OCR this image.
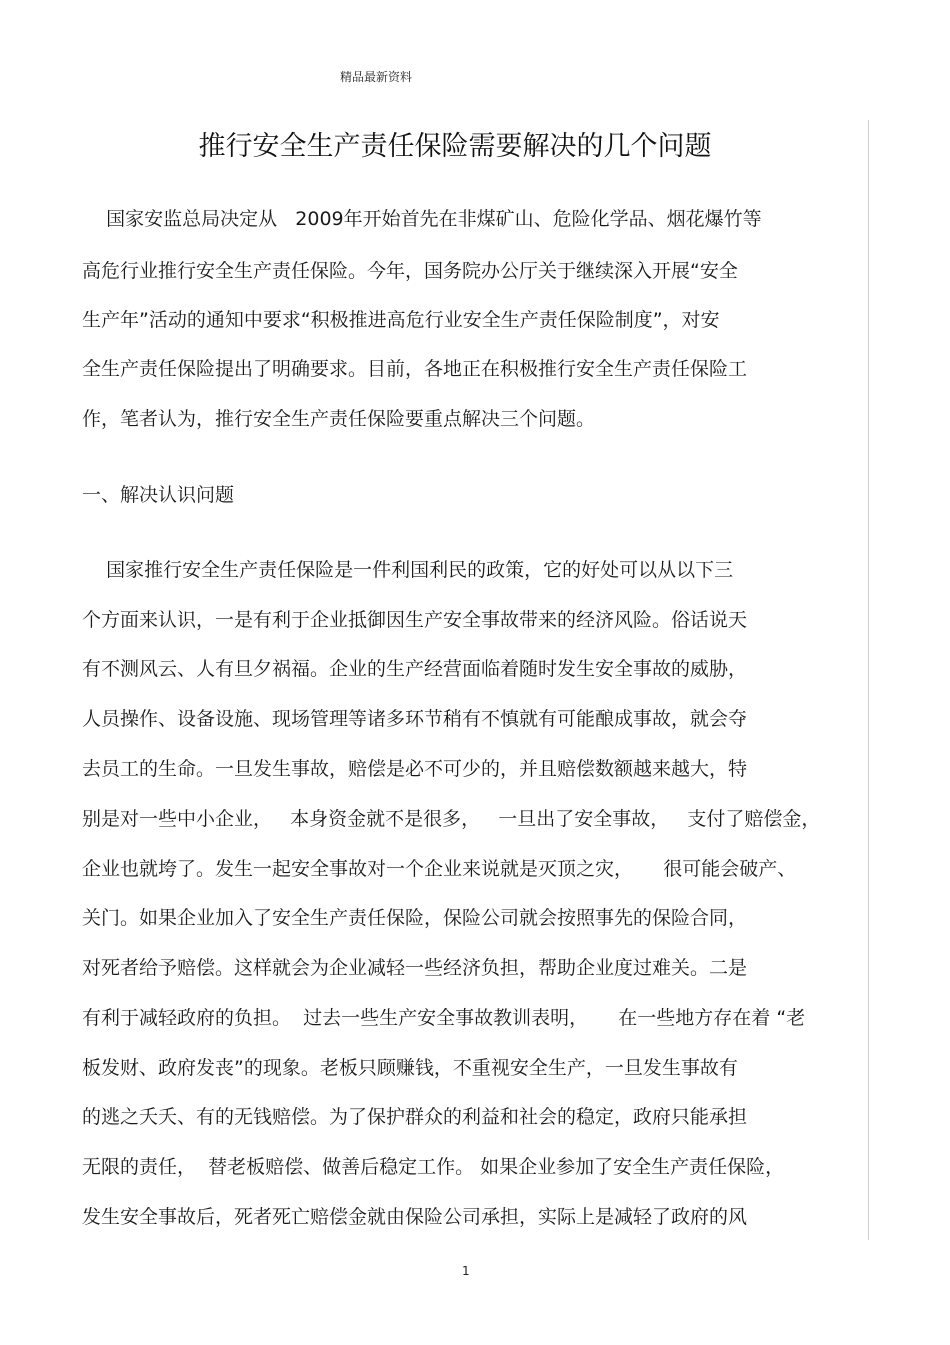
精品最新资料
推行安全生产责任保险需要解决的几个问题
国家安监总局决定从   2009年开始首先在非煤矿山、危险化学品、烟花爆竹等
高危行业推行安全生产责任保险。今年，国务院办公厅关于继续深入开展“安全
生产年”活动的通知中要求“积极推进高危行业安全生产责任保险制度”，对安
全生产责任保险提出了明确要求。目前，各地正在积极推行安全生产责任保险工
作，笔者认为，推行安全生产责任保险要重点解决三个问题。
一、解决认识问题
国家推行安全生产责任保险是一件利国利民的政策，它的好处可以从以下三
个方面来认识，一是有利于企业抵御因生产安全事故带来的经济风险。俗话说天
有不测风云、人有旦夕祸福。企业的生产经营面临着随时发生安全事故的威胁，
人员操作、设备设施、现场管理等诸多环节稍有不慎就有可能酿成事故，就会夺
去员工的生命。一旦发生事故，赔偿是必不可少的，并且赔偿数额越来越大，特
别是对一些中小企业，   本身资金就不是很多，   一旦出了安全事故，   支付了赔偿金，
企业也就垮了。发生一起安全事故对一个企业来说就是灭顶之灾，     很可能会破产、
关门。如果企业加入了安全生产责任保险，保险公司就会按照事先的保险合同，
对死者给予赔偿。这样就会为企业减轻一些经济负担，帮助企业度过难关。二是
有利于减轻政府的负担。  过去一些生产安全事故教训表明，     在一些地方存在着 “老
板发财、政府发丧”的现象。老板只顾赚钱，不重视安全生产，一旦发生事故有
的逃之夭夭、有的无钱赔偿。为了保护群众的利益和社会的稳定，政府只能承担
无限的责任，  替老板赔偿、做善后稳定工作。 如果企业参加了安全生产责任保险，
发生安全事故后，死者死亡赔偿金就由保险公司承担，实际上是减轻了政府的风
1
